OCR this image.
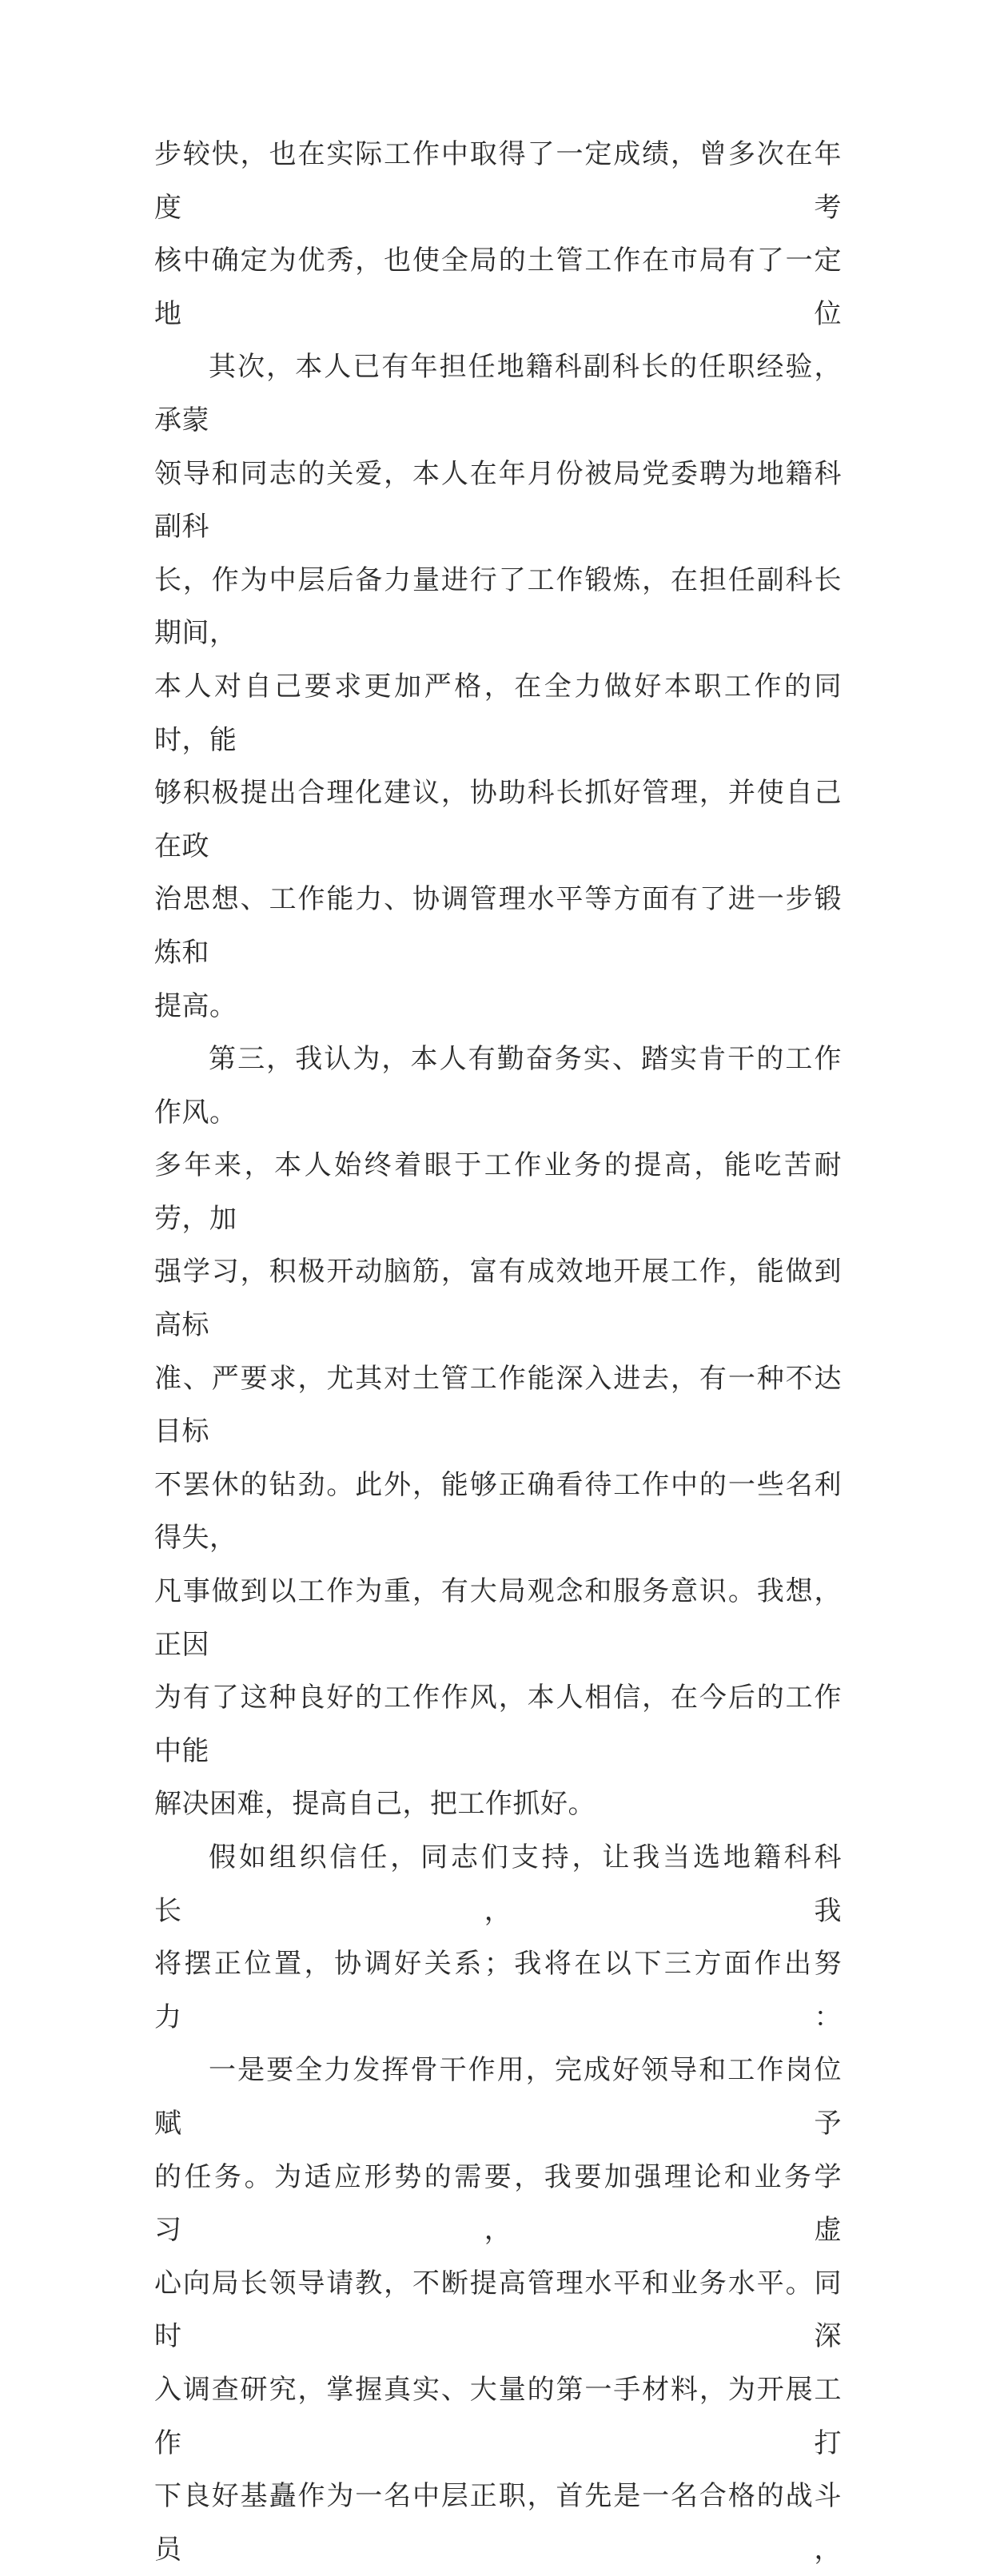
步较快，也在实际工作中取得了一定成绩，曾多次在年度考
核中确定为优秀，也使全局的土管工作在市局有了一定地位

其次，本人已有年担任地籍科副科长的任职经验，承蒙
领导和同志的关爱，本人在年月份被局党委聘为地籍科副科
长，作为中层后备力量进行了工作锻炼，在担任副科长期间，
本人对自己要求更加严格，在全力做好本职工作的同时，能
够积极提出合理化建议，协助科长抓好管理，并使自己在政
治思想、工作能力、协调管理水平等方面有了进一步锻炼和
提高。

第三，我认为，本人有勤奋务实、踏实肯干的工作作风。
多年来，本人始终着眼于工作业务的提高，能吃苦耐劳，加
强学习，积极开动脑筋，富有成效地开展工作，能做到高标
准、严要求，尤其对土管工作能深入进去，有一种不达目标
不罢休的钻劲。此外，能够正确看待工作中的一些名利得失，
凡事做到以工作为重，有大局观念和服务意识。我想，正因
为有了这种良好的工作作风，本人相信，在今后的工作中能
解决困难，提高自己，把工作抓好。

假如组织信任，同志们支持，让我当选地籍科科长，我
将摆正位置，协调好关系；我将在以下三方面作出努力：

一是要全力发挥骨干作用，完成好领导和工作岗位赋予
的任务。为适应形势的需要，我要加强理论和业务学习，虚
心向局长领导请教，不断提高管理水平和业务水平。同时深
入调查研究，掌握真实、大量的第一手材料，为开展工作打
下良好基矗作为一名中层正职，首先是一名合格的战斗员，
